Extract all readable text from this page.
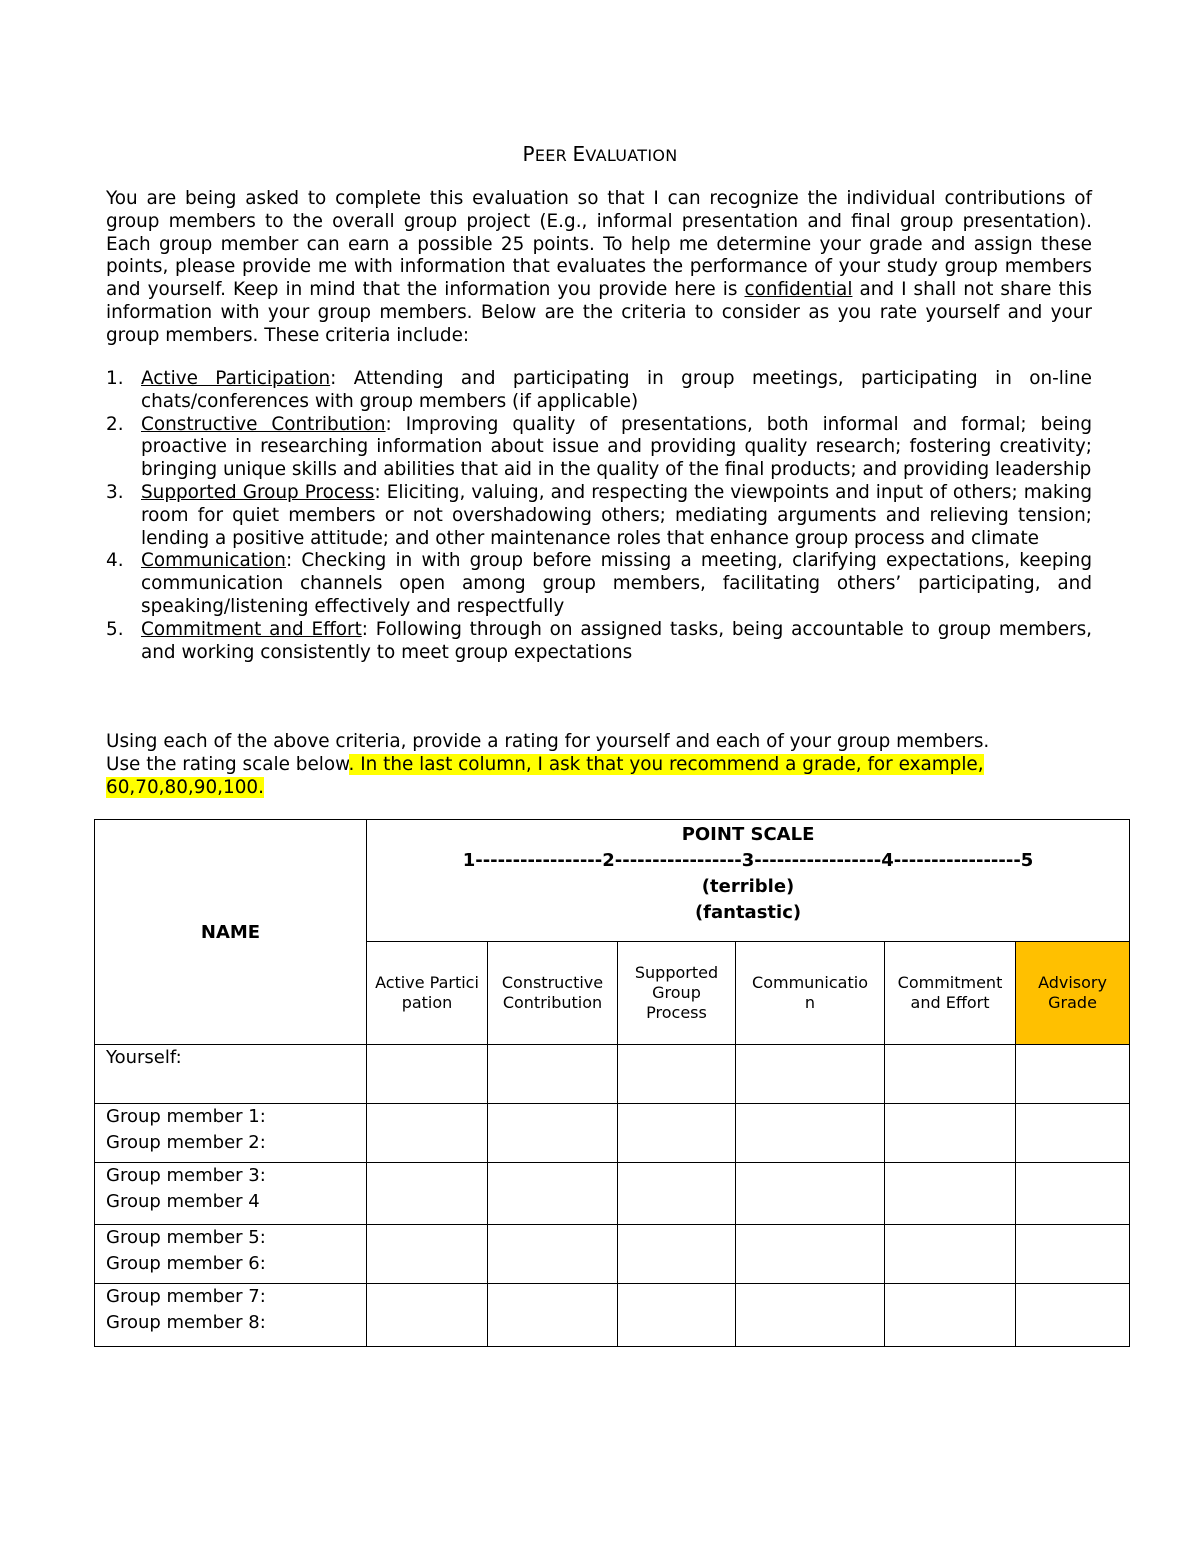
PEER EVALUATION

You are being asked to complete this evaluation so that I can recognize the individual contributions of group members to the overall group project (E.g., informal presentation and final group presentation). Each group member can earn a possible 25 points. To help me determine your grade and assign these points, please provide me with information that evaluates the performance of your study group members and yourself. Keep in mind that the information you provide here is confidential and I shall not share this information with your group members. Below are the criteria to consider as you rate yourself and your group members. These criteria include:

1. Active Participation: Attending and participating in group meetings, participating in on-line chats/conferences with group members (if applicable)
2. Constructive Contribution: Improving quality of presentations, both informal and formal; being proactive in researching information about issue and providing quality research; fostering creativity; bringing unique skills and abilities that aid in the quality of the final products; and providing leadership
3. Supported Group Process: Eliciting, valuing, and respecting the viewpoints and input of others; making room for quiet members or not overshadowing others; mediating arguments and relieving tension; lending a positive attitude; and other maintenance roles that enhance group process and climate
4. Communication: Checking in with group before missing a meeting, clarifying expectations, keeping communication channels open among group members, facilitating others’ participating, and speaking/listening effectively and respectfully
5. Commitment and Effort: Following through on assigned tasks, being accountable to group members, and working consistently to meet group expectations

Using each of the above criteria, provide a rating for yourself and each of your group members.
Use the rating scale below. In the last column, I ask that you recommend a grade, for example, 60,70,80,90,100.

NAME	POINT SCALE
1-----------------2-----------------3-----------------4-----------------5
(terrible)
(fantastic)					

	Active Participation	Constructive Contribution	Supported Group Process	Communication	Commitment and Effort	Advisory Grade

Yourself:						

Group member 1:
Group member 2:						

Group member 3:
Group member 4						

Group member 5:
Group member 6:						

Group member 7:
Group member 8:						
